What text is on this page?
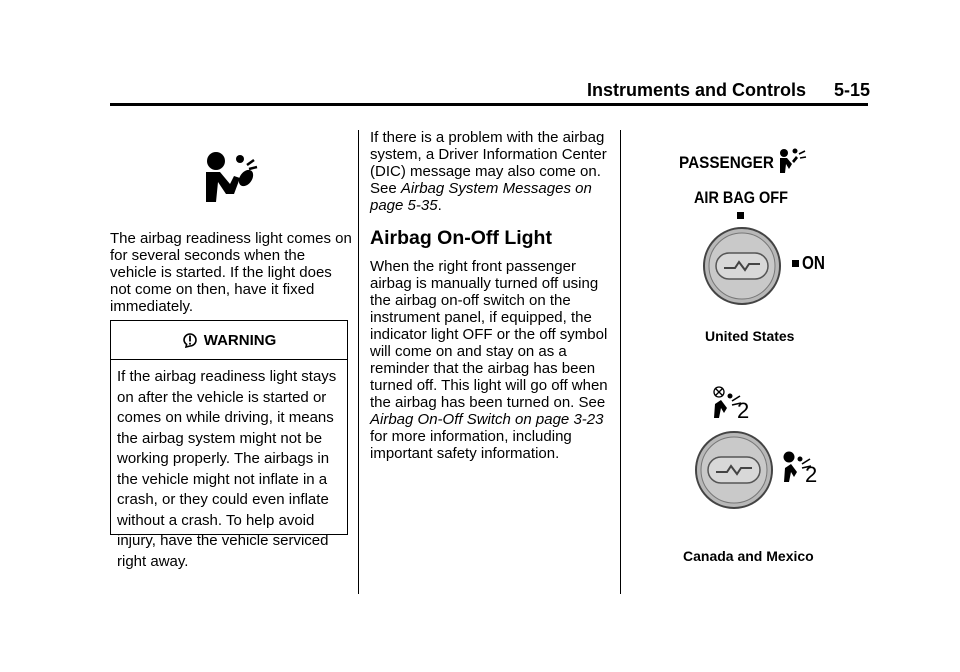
Instruments and Controls 5-15

The airbag readiness light comes on for several seconds when the vehicle is started. If the light does not come on then, have it fixed immediately.

WARNING
If the airbag readiness light stays on after the vehicle is started or comes on while driving, it means the airbag system might not be working properly. The airbags in the vehicle might not inflate in a crash, or they could even inflate without a crash. To help avoid injury, have the vehicle serviced right away.

If there is a problem with the airbag system, a Driver Information Center (DIC) message may also come on. See Airbag System Messages on page 5-35.

Airbag On-Off Light

When the right front passenger airbag is manually turned off using the airbag on-off switch on the instrument panel, if equipped, the indicator light OFF or the off symbol will come on and stay on as a reminder that the airbag has been turned off. This light will go off when the airbag has been turned on. See Airbag On-Off Switch on page 3-23 for more information, including important safety information.

PASSENGER
AIR BAG OFF
ON
United States
2
2
Canada and Mexico
